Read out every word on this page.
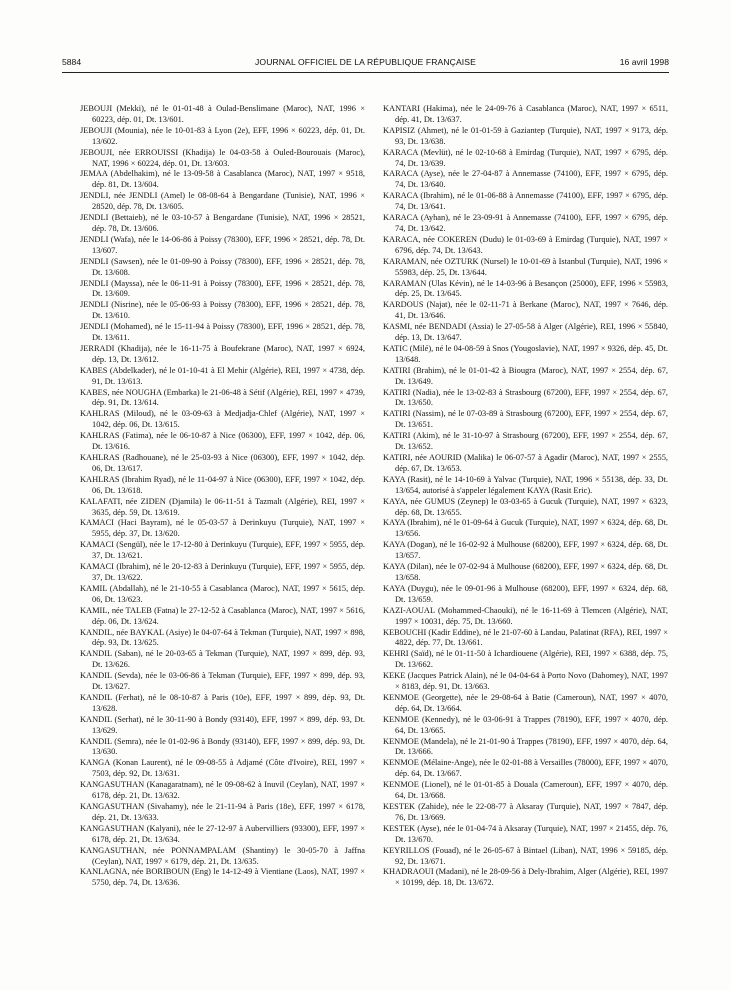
5884	JOURNAL OFFICIEL DE LA RÉPUBLIQUE FRANÇAISE	16 avril 1998

JEBOUJI (Mekki), né le 01-01-48 à Oulad-Benslimane (Maroc), NAT, 1996 × 60223, dép. 01, Dt. 13/601.

JEBOUJI (Mounia), née le 10-01-83 à Lyon (2e), EFF, 1996 × 60223, dép. 01, Dt. 13/602.

JEBOUJI, née ERROUISSI (Khadija) le 04-03-58 à Ouled-Bourouais (Maroc), NAT, 1996 × 60224, dép. 01, Dt. 13/603.

JEMAA (Abdelhakim), né le 13-09-58 à Casablanca (Maroc), NAT, 1997 × 9518, dép. 81, Dt. 13/604.

JENDLI, née JENDLI (Amel) le 08-08-64 à Bengardane (Tunisie), NAT, 1996 × 28520, dép. 78, Dt. 13/605.

JENDLI (Bettaieb), né le 03-10-57 à Bengardane (Tunisie), NAT, 1996 × 28521, dép. 78, Dt. 13/606.

JENDLI (Wafa), née le 14-06-86 à Poissy (78300), EFF, 1996 × 28521, dép. 78, Dt. 13/607.

JENDLI (Sawsen), née le 01-09-90 à Poissy (78300), EFF, 1996 × 28521, dép. 78, Dt. 13/608.

JENDLI (Mayssa), née le 06-11-91 à Poissy (78300), EFF, 1996 × 28521, dép. 78, Dt. 13/609.

JENDLI (Nisrine), née le 05-06-93 à Poissy (78300), EFF, 1996 × 28521, dép. 78, Dt. 13/610.

JENDLI (Mohamed), né le 15-11-94 à Poissy (78300), EFF, 1996 × 28521, dép. 78, Dt. 13/611.

JERRADI (Khadija), née le 16-11-75 à Boufekrane (Maroc), NAT, 1997 × 6924, dép. 13, Dt. 13/612.

KABES (Abdelkader), né le 01-10-41 à El Mehir (Algérie), REI, 1997 × 4738, dép. 91, Dt. 13/613.

KABES, née NOUGHA (Embarka) le 21-06-48 à Sétif (Algérie), REI, 1997 × 4739, dép. 91, Dt. 13/614.

KAHLRAS (Miloud), né le 03-09-63 à Medjadja-Chlef (Algérie), NAT, 1997 × 1042, dép. 06, Dt. 13/615.

KAHLRAS (Fatima), née le 06-10-87 à Nice (06300), EFF, 1997 × 1042, dép. 06, Dt. 13/616.

KAHLRAS (Radhouane), né le 25-03-93 à Nice (06300), EFF, 1997 × 1042, dép. 06, Dt. 13/617.

KAHLRAS (Ibrahim Ryad), né le 11-04-97 à Nice (06300), EFF, 1997 × 1042, dép. 06, Dt. 13/618.

KALAFATI, née ZIDEN (Djamila) le 06-11-51 à Tazmalt (Algérie), REI, 1997 × 3635, dép. 59, Dt. 13/619.

KAMACI (Haci Bayram), né le 05-03-57 à Derinkuyu (Turquie), NAT, 1997 × 5955, dép. 37, Dt. 13/620.

KAMACI (Sengül), née le 17-12-80 à Derinkuyu (Turquie), EFF, 1997 × 5955, dép. 37, Dt. 13/621.

KAMACI (Ibrahim), né le 20-12-83 à Derinkuyu (Turquie), EFF, 1997 × 5955, dép. 37, Dt. 13/622.

KAMIL (Abdallah), né le 21-10-55 à Casablanca (Maroc), NAT, 1997 × 5615, dép. 06, Dt. 13/623.

KAMIL, née TALEB (Fatna) le 27-12-52 à Casablanca (Maroc), NAT, 1997 × 5616, dép. 06, Dt. 13/624.

KANDIL, née BAYKAL (Asiye) le 04-07-64 à Tekman (Turquie), NAT, 1997 × 898, dép. 93, Dt. 13/625.

KANDIL (Saban), né le 20-03-65 à Tekman (Turquie), NAT, 1997 × 899, dép. 93, Dt. 13/626.

KANDIL (Sevda), née le 03-06-86 à Tekman (Turquie), EFF, 1997 × 899, dép. 93, Dt. 13/627.

KANDIL (Ferhat), né le 08-10-87 à Paris (10e), EFF, 1997 × 899, dép. 93, Dt. 13/628.

KANDIL (Serhat), né le 30-11-90 à Bondy (93140), EFF, 1997 × 899, dép. 93, Dt. 13/629.

KANDIL (Semra), née le 01-02-96 à Bondy (93140), EFF, 1997 × 899, dép. 93, Dt. 13/630.

KANGA (Konan Laurent), né le 09-08-55 à Adjamé (Côte d'Ivoire), REI, 1997 × 7503, dép. 92, Dt. 13/631.

KANGASUTHAN (Kanagaratnam), né le 09-08-62 à Inuvil (Ceylan), NAT, 1997 × 6178, dép. 21, Dt. 13/632.

KANGASUTHAN (Sivahamy), née le 21-11-94 à Paris (18e), EFF, 1997 × 6178, dép. 21, Dt. 13/633.

KANGASUTHAN (Kalyani), née le 27-12-97 à Aubervilliers (93300), EFF, 1997 × 6178, dép. 21, Dt. 13/634.

KANGASUTHAN, née PONNAMPALAM (Shantiny) le 30-05-70 à Jaffna (Ceylan), NAT, 1997 × 6179, dép. 21, Dt. 13/635.

KANLAGNA, née BORIBOUN (Eng) le 14-12-49 à Vientiane (Laos), NAT, 1997 × 5750, dép. 74, Dt. 13/636.

KANTARI (Hakima), née le 24-09-76 à Casablanca (Maroc), NAT, 1997 × 6511, dép. 41, Dt. 13/637.

KAPISIZ (Ahmet), né le 01-01-59 à Gaziantep (Turquie), NAT, 1997 × 9173, dép. 93, Dt. 13/638.

KARACA (Mevlüt), né le 02-10-68 à Emirdag (Turquie), NAT, 1997 × 6795, dép. 74, Dt. 13/639.

KARACA (Ayse), née le 27-04-87 à Annemasse (74100), EFF, 1997 × 6795, dép. 74, Dt. 13/640.

KARACA (Ibrahim), né le 01-06-88 à Annemasse (74100), EFF, 1997 × 6795, dép. 74, Dt. 13/641.

KARACA (Ayhan), né le 23-09-91 à Annemasse (74100), EFF, 1997 × 6795, dép. 74, Dt. 13/642.

KARACA, née COKEREN (Dudu) le 01-03-69 à Emirdag (Turquie), NAT, 1997 × 6796, dép. 74, Dt. 13/643.

KARAMAN, née OZTURK (Nursel) le 10-01-69 à Istanbul (Turquie), NAT, 1996 × 55983, dép. 25, Dt. 13/644.

KARAMAN (Ulas Kévin), né le 14-03-96 à Besançon (25000), EFF, 1996 × 55983, dép. 25, Dt. 13/645.

KARDOUS (Najat), née le 02-11-71 à Berkane (Maroc), NAT, 1997 × 7646, dép. 41, Dt. 13/646.

KASMI, née BENDADI (Assia) le 27-05-58 à Alger (Algérie), REI, 1996 × 55840, dép. 13, Dt. 13/647.

KATIC (Milé), né le 04-08-59 à Snos (Yougoslavie), NAT, 1997 × 9326, dép. 45, Dt. 13/648.

KATIRI (Brahim), né le 01-01-42 à Biougra (Maroc), NAT, 1997 × 2554, dép. 67, Dt. 13/649.

KATIRI (Nadia), née le 13-02-83 à Strasbourg (67200), EFF, 1997 × 2554, dép. 67, Dt. 13/650.

KATIRI (Nassim), né le 07-03-89 à Strasbourg (67200), EFF, 1997 × 2554, dép. 67, Dt. 13/651.

KATIRI (Akim), né le 31-10-97 à Strasbourg (67200), EFF, 1997 × 2554, dép. 67, Dt. 13/652.

KATIRI, née AOURID (Malika) le 06-07-57 à Agadir (Maroc), NAT, 1997 × 2555, dép. 67, Dt. 13/653.

KAYA (Rasit), né le 14-10-69 à Yalvac (Turquie), NAT, 1996 × 55138, dép. 33, Dt. 13/654, autorisé à s'appeler légalement KAYA (Rasit Eric).

KAYA, née GUMUS (Zeynep) le 03-03-65 à Gucuk (Turquie), NAT, 1997 × 6323, dép. 68, Dt. 13/655.

KAYA (Ibrahim), né le 01-09-64 à Gucuk (Turquie), NAT, 1997 × 6324, dép. 68, Dt. 13/656.

KAYA (Dogan), né le 16-02-92 à Mulhouse (68200), EFF, 1997 × 6324, dép. 68, Dt. 13/657.

KAYA (Dilan), née le 07-02-94 à Mulhouse (68200), EFF, 1997 × 6324, dép. 68, Dt. 13/658.

KAYA (Duygu), née le 09-01-96 à Mulhouse (68200), EFF, 1997 × 6324, dép. 68, Dt. 13/659.

KAZI-AOUAL (Mohammed-Chaouki), né le 16-11-69 à Tlemcen (Algérie), NAT, 1997 × 10031, dép. 75, Dt. 13/660.

KEBOUCHI (Kadir Eddine), né le 21-07-60 à Landau, Palatinat (RFA), REI, 1997 × 4822, dép. 77, Dt. 13/661.

KEHRI (Saïd), né le 01-11-50 à Ichardiouene (Algérie), REI, 1997 × 6388, dép. 75, Dt. 13/662.

KEKE (Jacques Patrick Alain), né le 04-04-64 à Porto Novo (Dahomey), NAT, 1997 × 8183, dép. 91, Dt. 13/663.

KENMOE (Georgette), née le 29-08-64 à Batie (Cameroun), NAT, 1997 × 4070, dép. 64, Dt. 13/664.

KENMOE (Kennedy), né le 03-06-91 à Trappes (78190), EFF, 1997 × 4070, dép. 64, Dt. 13/665.

KENMOE (Mandela), né le 21-01-90 à Trappes (78190), EFF, 1997 × 4070, dép. 64, Dt. 13/666.

KENMOE (Mélaine-Ange), née le 02-01-88 à Versailles (78000), EFF, 1997 × 4070, dép. 64, Dt. 13/667.

KENMOE (Lionel), né le 01-01-85 à Douala (Cameroun), EFF, 1997 × 4070, dép. 64, Dt. 13/668.

KESTEK (Zahide), née le 22-08-77 à Aksaray (Turquie), NAT, 1997 × 7847, dép. 76, Dt. 13/669.

KESTEK (Ayse), née le 01-04-74 à Aksaray (Turquie), NAT, 1997 × 21455, dép. 76, Dt. 13/670.

KEYRILLOS (Fouad), né le 26-05-67 à Bintael (Liban), NAT, 1996 × 59185, dép. 92, Dt. 13/671.

KHADRAOUI (Madani), né le 28-09-56 à Dely-Ibrahim, Alger (Algérie), REI, 1997 × 10199, dép. 18, Dt. 13/672.
